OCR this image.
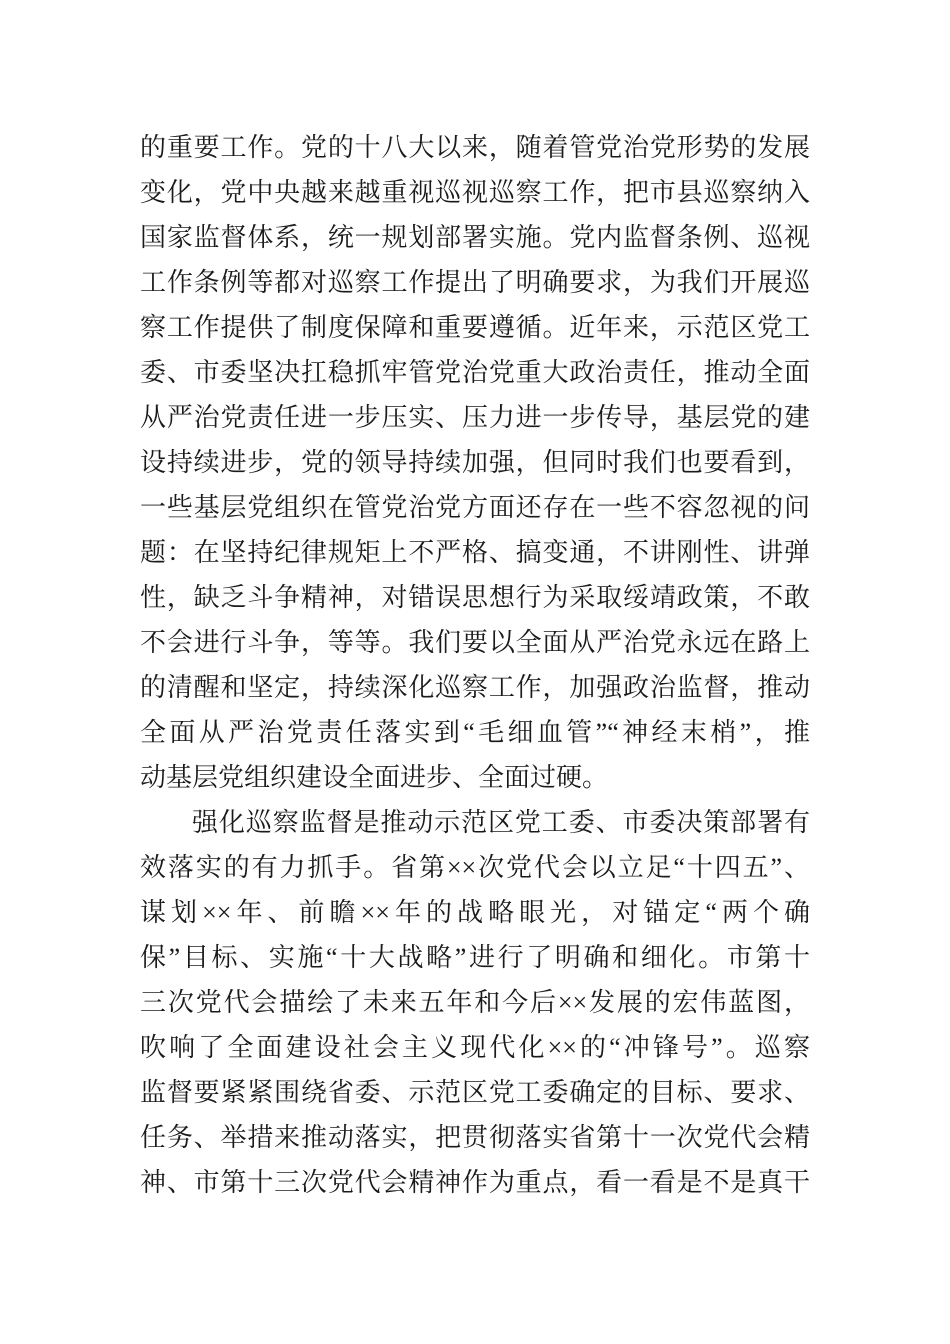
的重要工作。党的十八大以来，随着管党治党形势的发展
变化，党中央越来越重视巡视巡察工作，把市县巡察纳入
国家监督体系，统一规划部署实施。党内监督条例、巡视
工作条例等都对巡察工作提出了明确要求，为我们开展巡
察工作提供了制度保障和重要遵循。近年来，示范区党工
委、市委坚决扛稳抓牢管党治党重大政治责任，推动全面
从严治党责任进一步压实、压力进一步传导，基层党的建
设持续进步，党的领导持续加强，但同时我们也要看到，
一些基层党组织在管党治党方面还存在一些不容忽视的问
题：在坚持纪律规矩上不严格、搞变通，不讲刚性、讲弹
性，缺乏斗争精神，对错误思想行为采取绥靖政策，不敢
不会进行斗争，等等。我们要以全面从严治党永远在路上
的清醒和坚定，持续深化巡察工作，加强政治监督，推动
全面从严治党责任落实到“毛细血管”“神经末梢”，推
动基层党组织建设全面进步、全面过硬。
强化巡察监督是推动示范区党工委、市委决策部署有
效落实的有力抓手。省第××次党代会以立足“十四五”、
谋划××年、前瞻××年的战略眼光，对锚定“两个确
保”目标、实施“十大战略”进行了明确和细化。市第十
三次党代会描绘了未来五年和今后××发展的宏伟蓝图，
吹响了全面建设社会主义现代化××的“冲锋号”。巡察
监督要紧紧围绕省委、示范区党工委确定的目标、要求、
任务、举措来推动落实，把贯彻落实省第十一次党代会精
神、市第十三次党代会精神作为重点，看一看是不是真干
